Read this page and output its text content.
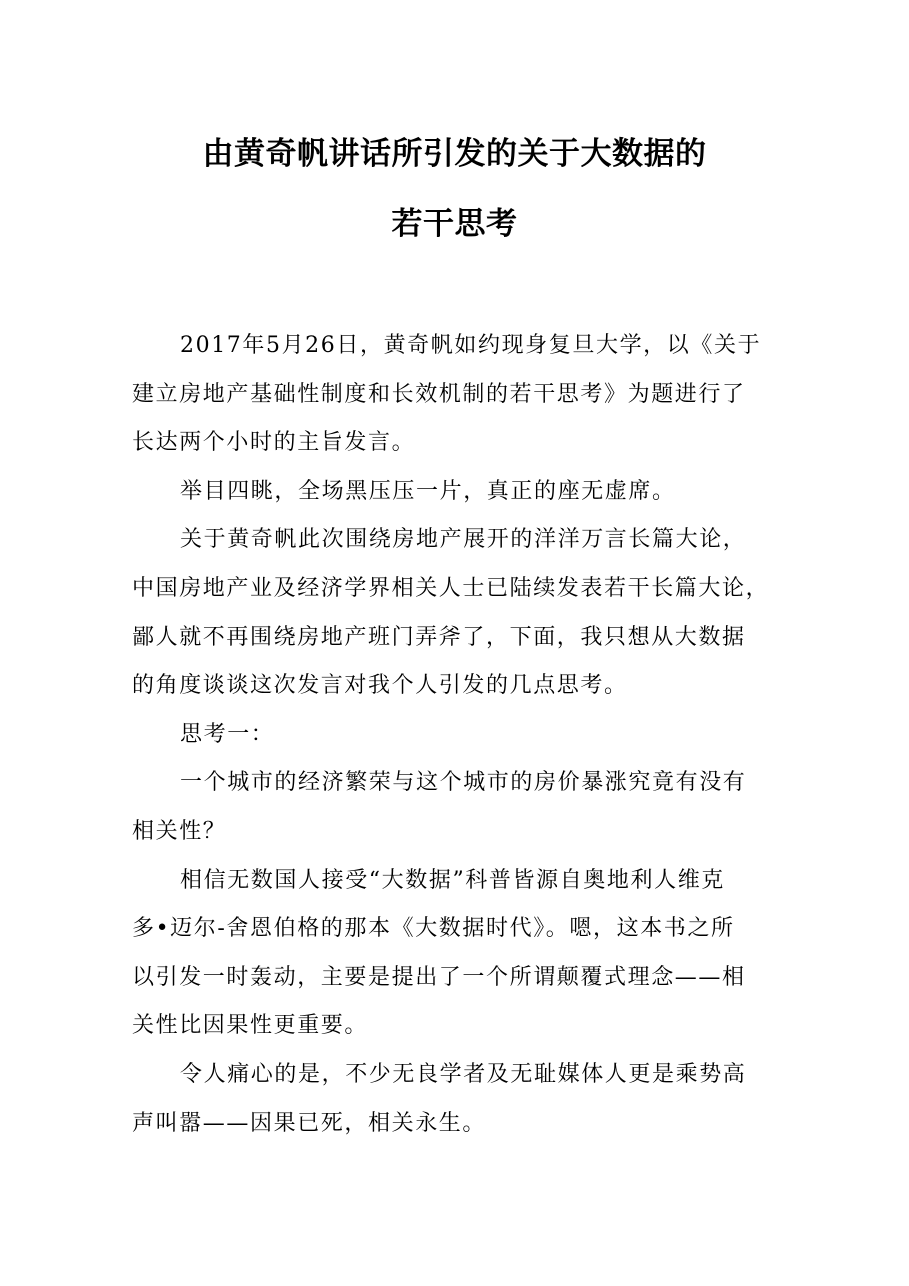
由黄奇帆讲话所引发的关于大数据的
若干思考

2017年5月26日，黄奇帆如约现身复旦大学，以《关于
建立房地产基础性制度和长效机制的若干思考》为题进行了
长达两个小时的主旨发言。

举目四眺，全场黑压压一片，真正的座无虚席。

关于黄奇帆此次围绕房地产展开的洋洋万言长篇大论，
中国房地产业及经济学界相关人士已陆续发表若干长篇大论，
鄙人就不再围绕房地产班门弄斧了，下面，我只想从大数据
的角度谈谈这次发言对我个人引发的几点思考。

思考一：

一个城市的经济繁荣与这个城市的房价暴涨究竟有没有
相关性？

相信无数国人接受“大数据”科普皆源自奥地利人维克
多•迈尔-舍恩伯格的那本《大数据时代》。嗯，这本书之所
以引发一时轰动，主要是提出了一个所谓颠覆式理念——相
关性比因果性更重要。

令人痛心的是，不少无良学者及无耻媒体人更是乘势高
声叫嚣——因果已死，相关永生。
